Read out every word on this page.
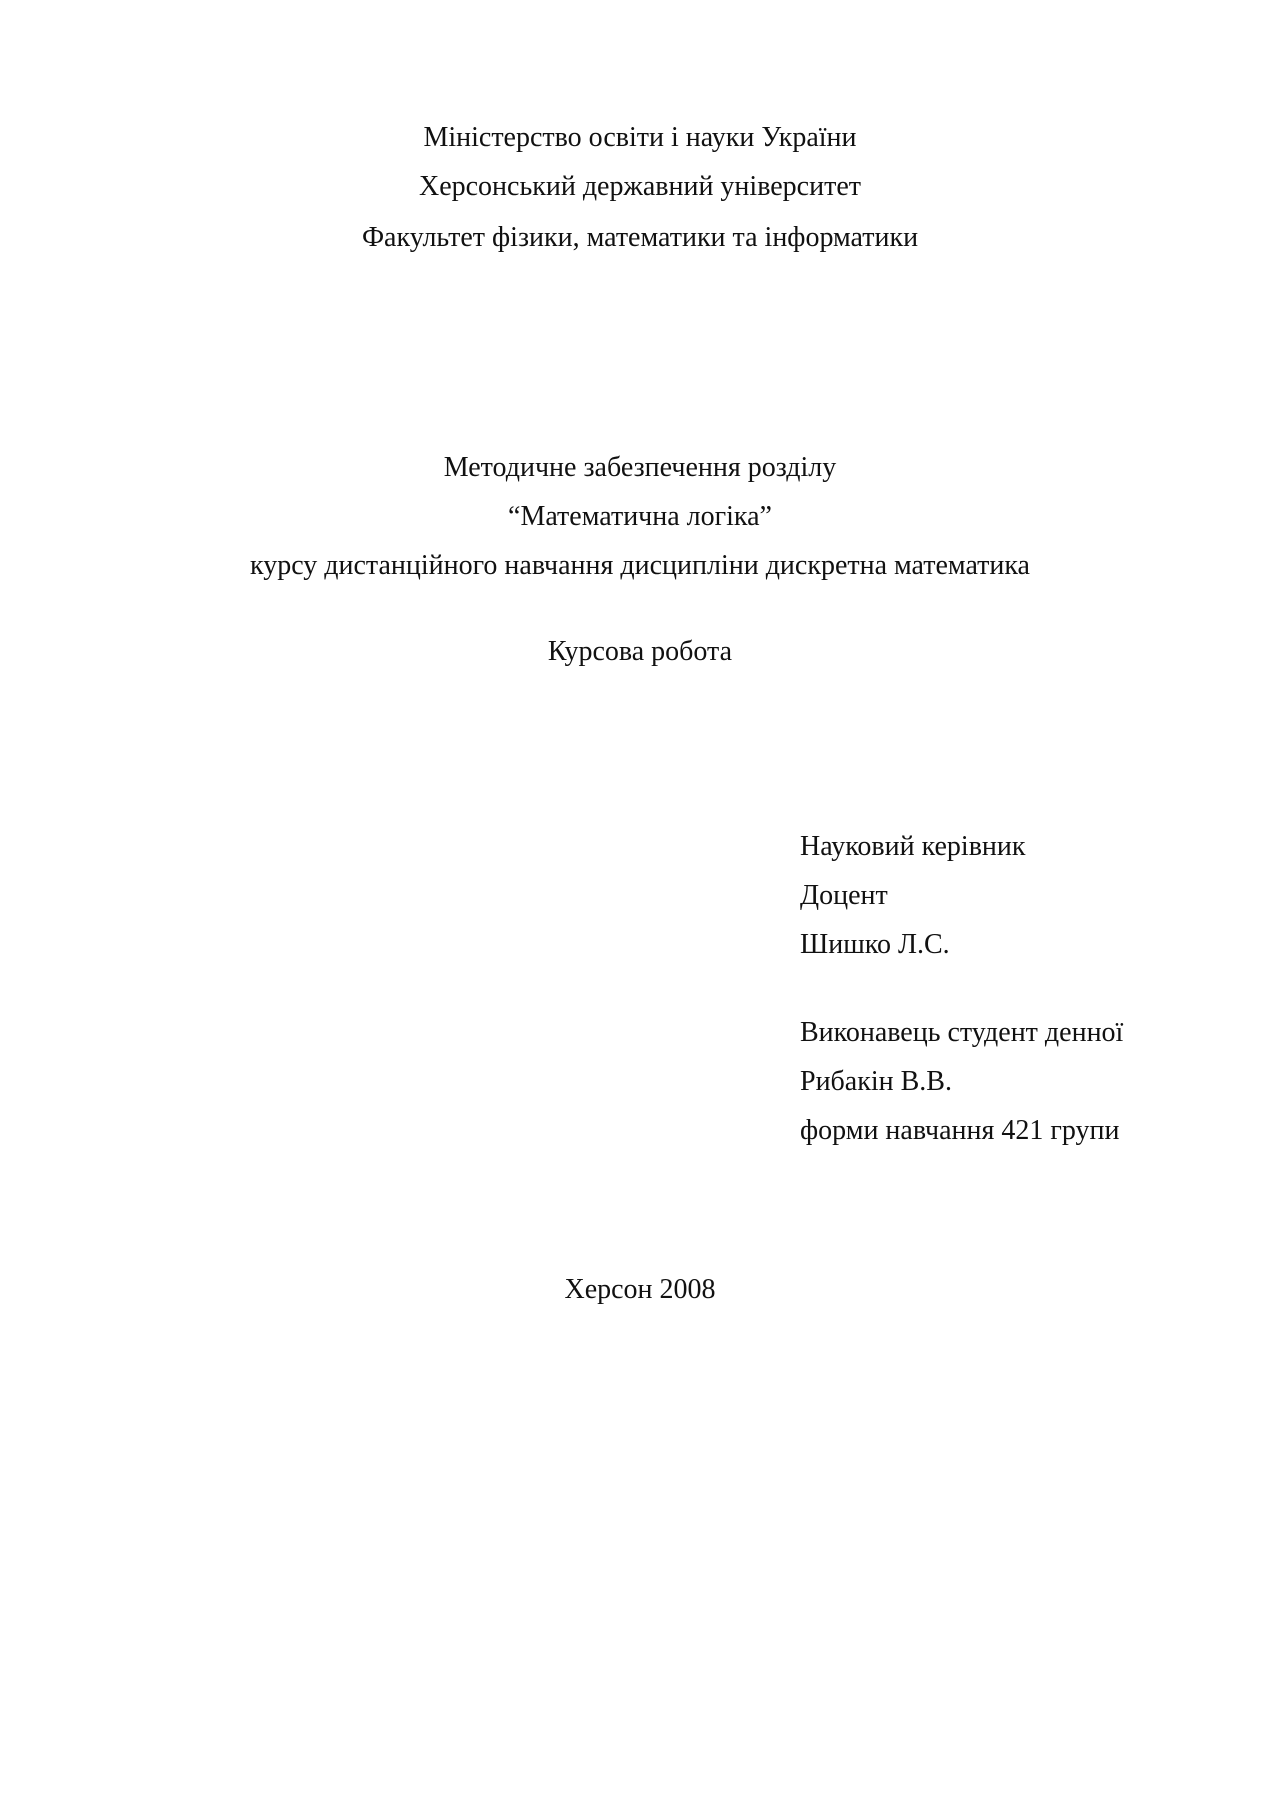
Міністерство освіти і науки України
Херсонський державний університет
Факультет фізики, математики та інформатики
Методичне забезпечення розділу
“Математична логіка”
курсу дистанційного навчання дисципліни дискретна математика
Курсова робота
Науковий керівник
Доцент
Шишко Л.С.
Виконавець студент денної
Рибакін В.В.
форми навчання 421 групи
Херсон 2008
